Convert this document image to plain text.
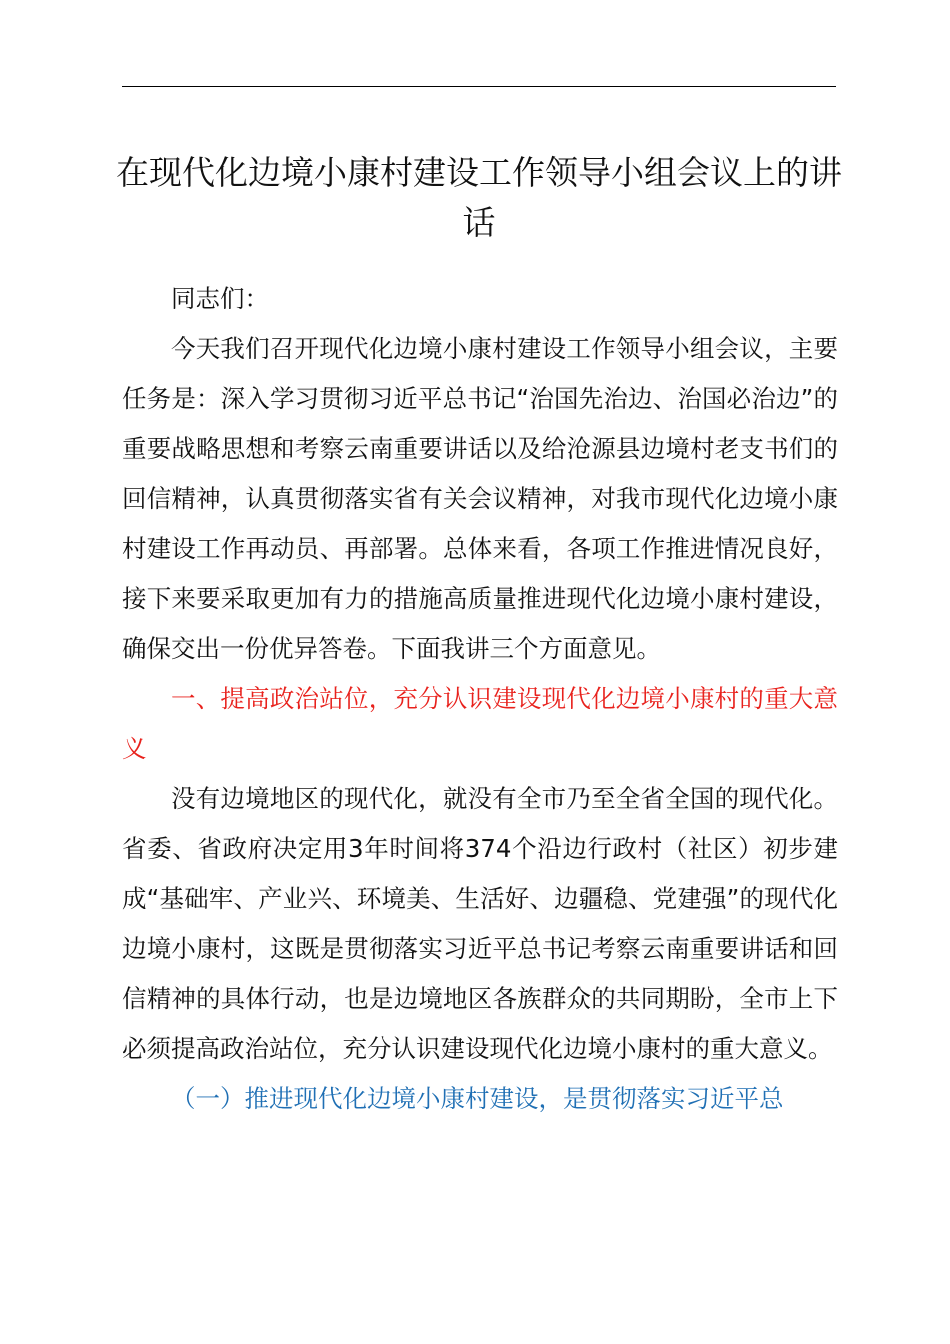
在现代化边境小康村建设工作领导小组会议上的讲话

同志们：

今天我们召开现代化边境小康村建设工作领导小组会议，主要任务是：深入学习贯彻习近平总书记“治国先治边、治国必治边”的重要战略思想和考察云南重要讲话以及给沧源县边境村老支书们的回信精神，认真贯彻落实省有关会议精神，对我市现代化边境小康村建设工作再动员、再部署。总体来看，各项工作推进情况良好，接下来要采取更加有力的措施高质量推进现代化边境小康村建设，确保交出一份优异答卷。下面我讲三个方面意见。

一、提高政治站位，充分认识建设现代化边境小康村的重大意义

没有边境地区的现代化，就没有全市乃至全省全国的现代化。省委、省政府决定用3年时间将374个沿边行政村（社区）初步建成“基础牢、产业兴、环境美、生活好、边疆稳、党建强”的现代化边境小康村，这既是贯彻落实习近平总书记考察云南重要讲话和回信精神的具体行动，也是边境地区各族群众的共同期盼，全市上下必须提高政治站位，充分认识建设现代化边境小康村的重大意义。

（一）推进现代化边境小康村建设，是贯彻落实习近平总
